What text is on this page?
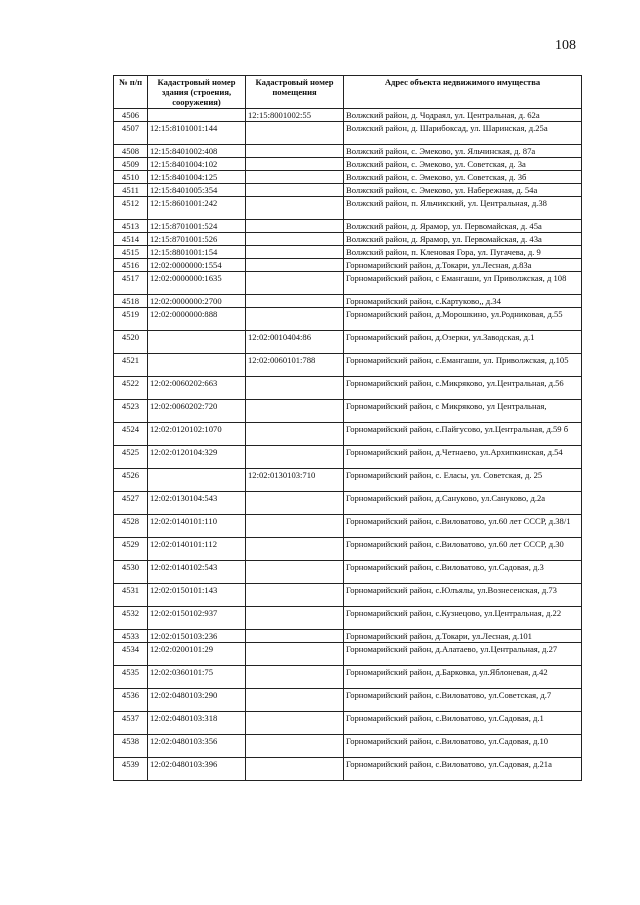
108
№ п/п	Кадастровый номер здания (строения, сооружения)	Кадастровый номер помещения	Адрес объекта недвижимого имущества
4506		12:15:8001002:55	Волжский район, д. Чодраял, ул. Центральная, д. 62а
4507	12:15:8101001:144		Волжский район, д. Шарибоксад, ул. Шаринская, д.25а
4508	12:15:8401002:408		Волжский район, с. Эмеково, ул. Яльчинская, д. 87а
4509	12:15:8401004:102		Волжский район, с. Эмеково, ул. Советская, д. 3а
4510	12:15:8401004:125		Волжский район, с. Эмеково, ул. Советская, д. 3б
4511	12:15:8401005:354		Волжский район, с. Эмеково, ул. Набережная, д. 54а
4512	12:15:8601001:242		Волжский район, п. Яльчикский, ул. Центральная, д.38
4513	12:15:8701001:524		Волжский район, д. Ярамор, ул. Первомайская, д. 45а
4514	12:15:8701001:526		Волжский район, д. Ярамор, ул. Первомайская, д. 43а
4515	12:15:8801001:154		Волжский район, п. Кленовая Гора, ул. Пугачева, д. 9
4516	12:02:0000000:1554		Горномарийский район, д.Токари, ул.Лесная, д.83а
4517	12:02:0000000:1635		Горномарийский район, с Емангаши, ул Приволжская, д 108
4518	12:02:0000000:2700		Горномарийский район, с.Картуково,, д.34
4519	12:02:0000000:888		Горномарийский район, д.Морошкино, ул.Родниковая, д.55
4520		12:02:0010404:86	Горномарийский район, д.Озерки, ул.Заводская, д.1
4521		12:02:0060101:788	Горномарийский район, с.Емангаши, ул. Приволжская, д.105
4522	12:02:0060202:663		Горномарийский район, с.Микряково, ул.Центральная, д.56
4523	12:02:0060202:720		Горномарийский район, с Микряково, ул Центральная,
4524	12:02:0120102:1070		Горномарийский район, с.Пайгусово, ул.Центральная, д.59 б
4525	12:02:0120104:329		Горномарийский район, д.Четнаево, ул.Архипкинская, д.54
4526		12:02:0130103:710	Горномарийский район, с. Еласы, ул. Советская, д. 25
4527	12:02:0130104:543		Горномарийский район, д.Сануково, ул.Сануково, д.2а
4528	12:02:0140101:110		Горномарийский район, с.Виловатово, ул.60 лет СССР, д.38/1
4529	12:02:0140101:112		Горномарийский район, с.Виловатово, ул.60 лет СССР, д.30
4530	12:02:0140102:543		Горномарийский район, с.Виловатово, ул.Садовая, д.3
4531	12:02:0150101:143		Горномарийский район, с.Юлъялы, ул.Вознесенская, д.73
4532	12:02:0150102:937		Горномарийский район, с.Кузнецово, ул.Центральная, д.22
4533	12:02:0150103:236		Горномарийский район, д.Токари, ул.Лесная, д.101
4534	12:02:0200101:29		Горномарийский район, д.Алатаево, ул.Центральная, д.27
4535	12:02:0360101:75		Горномарийский район, д.Барковка, ул.Яблоневая, д.42
4536	12:02:0480103:290		Горномарийский район, с.Виловатово, ул.Советская, д.7
4537	12:02:0480103:318		Горномарийский район, с.Виловатово, ул.Садовая, д.1
4538	12:02:0480103:356		Горномарийский район, с.Виловатово, ул.Садовая, д.10
4539	12:02:0480103:396		Горномарийский район, с.Виловатово, ул.Садовая, д.21а
